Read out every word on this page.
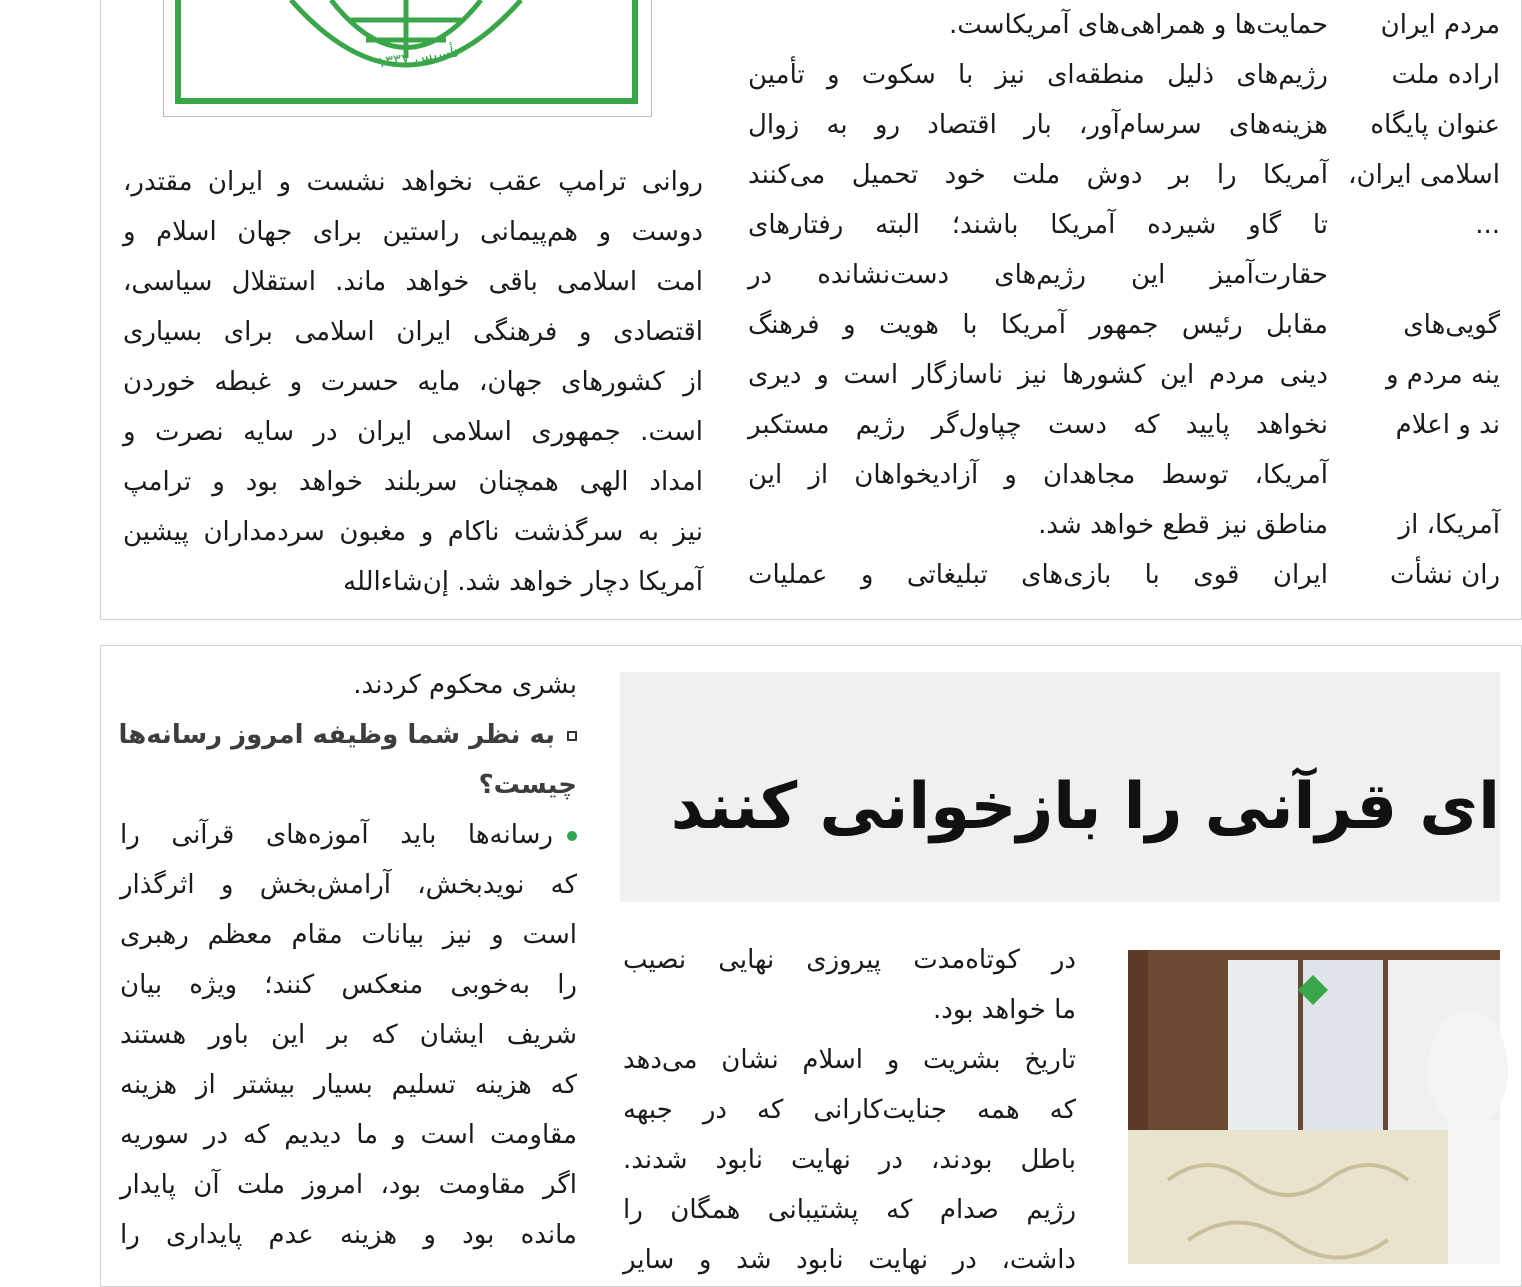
تأسیس ۱۳۳۷
روانی ترامپ عقب نخواهد نشست و ایران مقتدر،
دوست و هم‌پیمانی راستین برای جهان اسلام و
امت اسلامی باقی خواهد ماند. استقلال سیاسی،
اقتصادی و فرهنگی ایران اسلامی برای بسیاری
از کشورهای جهان، مایه حسرت و غبطه خوردن
است. جمهوری اسلامی ایران در سایه نصرت و
امداد الهی همچنان سربلند خواهد بود و ترامپ
نیز به سرگذشت ناکام و مغبون سردمداران پیشین
آمریکا دچار خواهد شد. إن‌شاءالله
حمایت‌ها و همراهی‌های آمریکاست.
رژیم‌های ذلیل منطقه‌ای نیز با سکوت و تأمین
هزینه‌های سرسام‌آور، بار اقتصاد رو به زوال
آمریکا را بر دوش ملت خود تحمیل می‌کنند
تا گاو شیرده آمریکا باشند؛ البته رفتارهای
حقارت‌آمیز این رژیم‌های دست‌نشانده در
مقابل رئیس جمهور آمریکا با هویت و فرهنگ
دینی مردم این کشورها نیز ناسازگار است و دیری
نخواهد پایید که دست چپاول‌گر رژیم مستکبر
آمریکا، توسط مجاهدان و آزادیخواهان از این
مناطق نیز قطع خواهد شد.
ایران قوی با بازی‌های تبلیغاتی و عملیات
مردم ایران
اراده ملت
عنوان پایگاه
اسلامی ایران،
...
گویی‌های
ینه مردم و
ند و اعلام
آمریکا، از
ران نشأت
ای قرآنی را بازخوانی کنند
بشری محکوم کردند.
به نظر شما وظیفه امروز رسانه‌ها
چیست؟
رسانه‌ها باید آموزه‌های قرآنی را
که نویدبخش، آرامش‌بخش و اثرگذار
است و نیز بیانات مقام معظم رهبری
را به‌خوبی منعکس کنند؛ ویژه بیان
شریف ایشان که بر این باور هستند
که هزینه تسلیم بسیار بیشتر از هزینه
مقاومت است و ما دیدیم که در سوریه
اگر مقاومت بود، امروز ملت آن پایدار
مانده بود و هزینه عدم پایداری را
در کوتاه‌مدت پیروزی نهایی نصیب
ما خواهد بود.
تاریخ بشریت و اسلام نشان می‌دهد
که همه جنایت‌کارانی که در جبهه
باطل بودند، در نهایت نابود شدند.
رژیم صدام که پشتیبانی همگان را
داشت، در نهایت نابود شد و ساير
